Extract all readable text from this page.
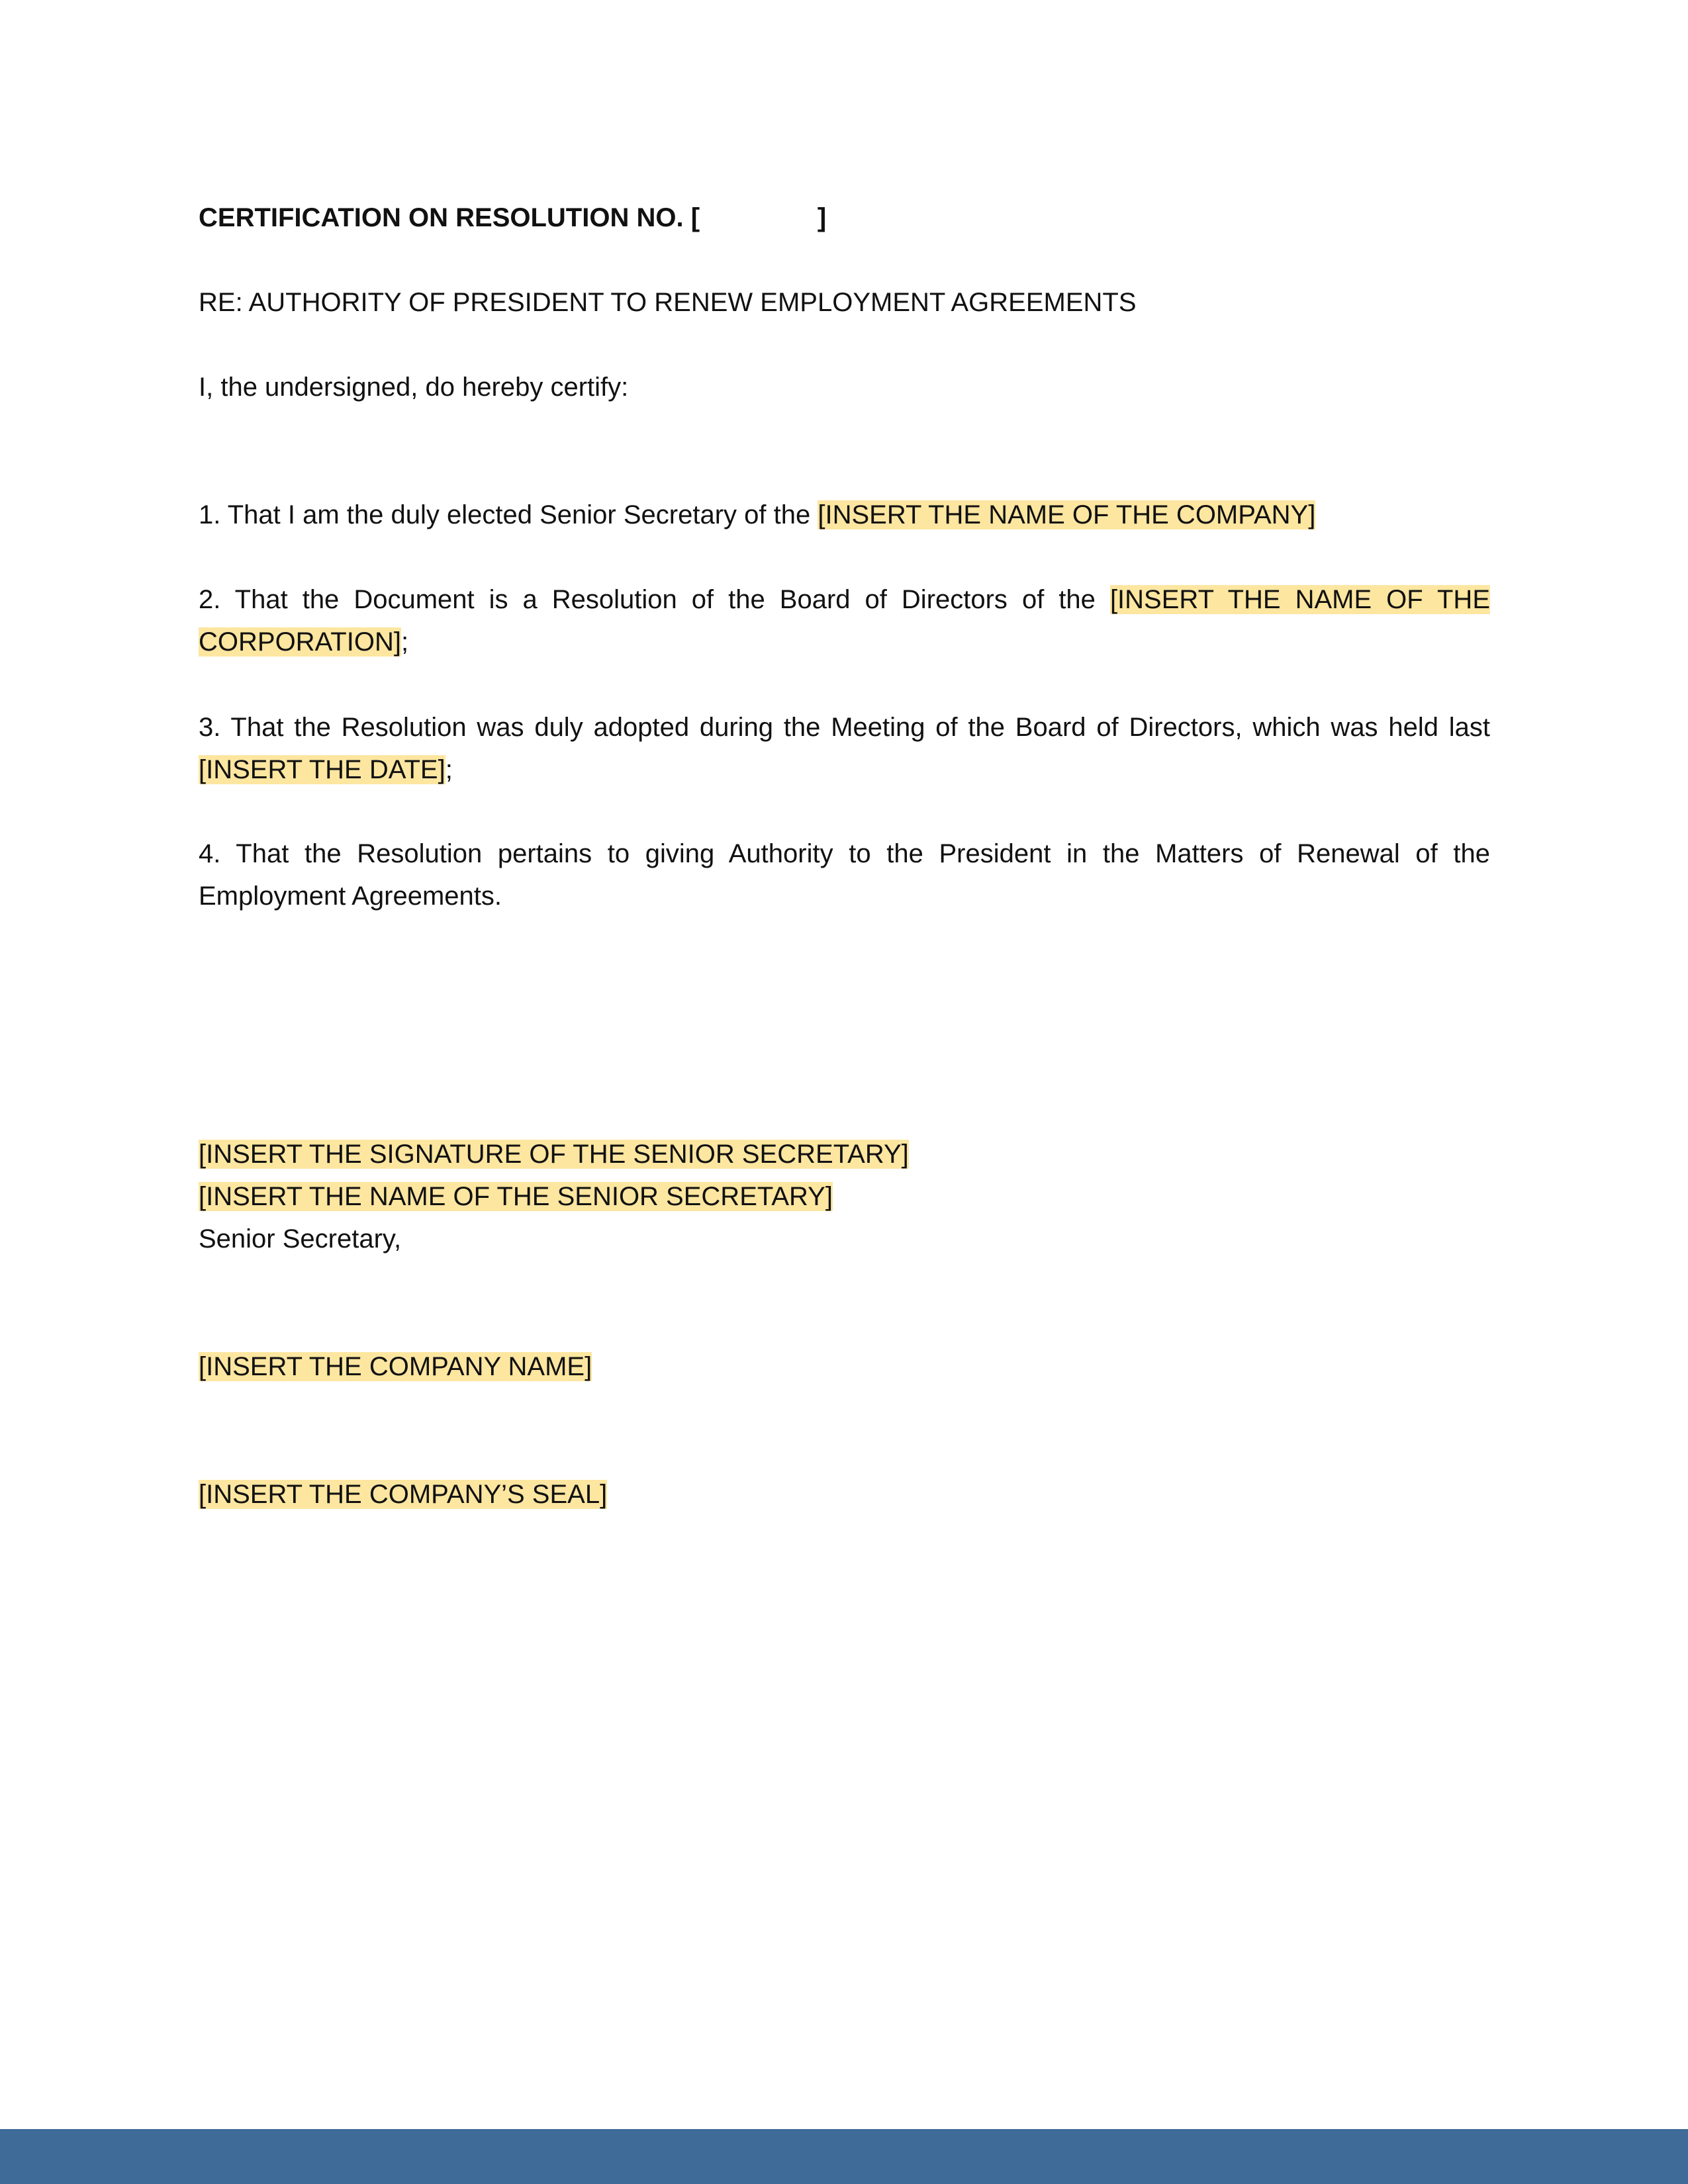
CERTIFICATION ON RESOLUTION NO. [	]
RE: AUTHORITY OF PRESIDENT TO RENEW EMPLOYMENT AGREEMENTS
I, the undersigned, do hereby certify:
1. That I am the duly elected Senior Secretary of the [INSERT THE NAME OF THE COMPANY]
2. That the Document is a Resolution of the Board of Directors of the [INSERT THE NAME OF THE CORPORATION];
3. That the Resolution was duly adopted during the Meeting of the Board of Directors, which was held last [INSERT THE DATE];
4. That the Resolution pertains to giving Authority to the President in the Matters of Renewal of the Employment Agreements.
[INSERT THE SIGNATURE OF THE SENIOR SECRETARY]
[INSERT THE NAME OF THE SENIOR SECRETARY]
Senior Secretary,
[INSERT THE COMPANY NAME]
[INSERT THE COMPANY’S SEAL]
